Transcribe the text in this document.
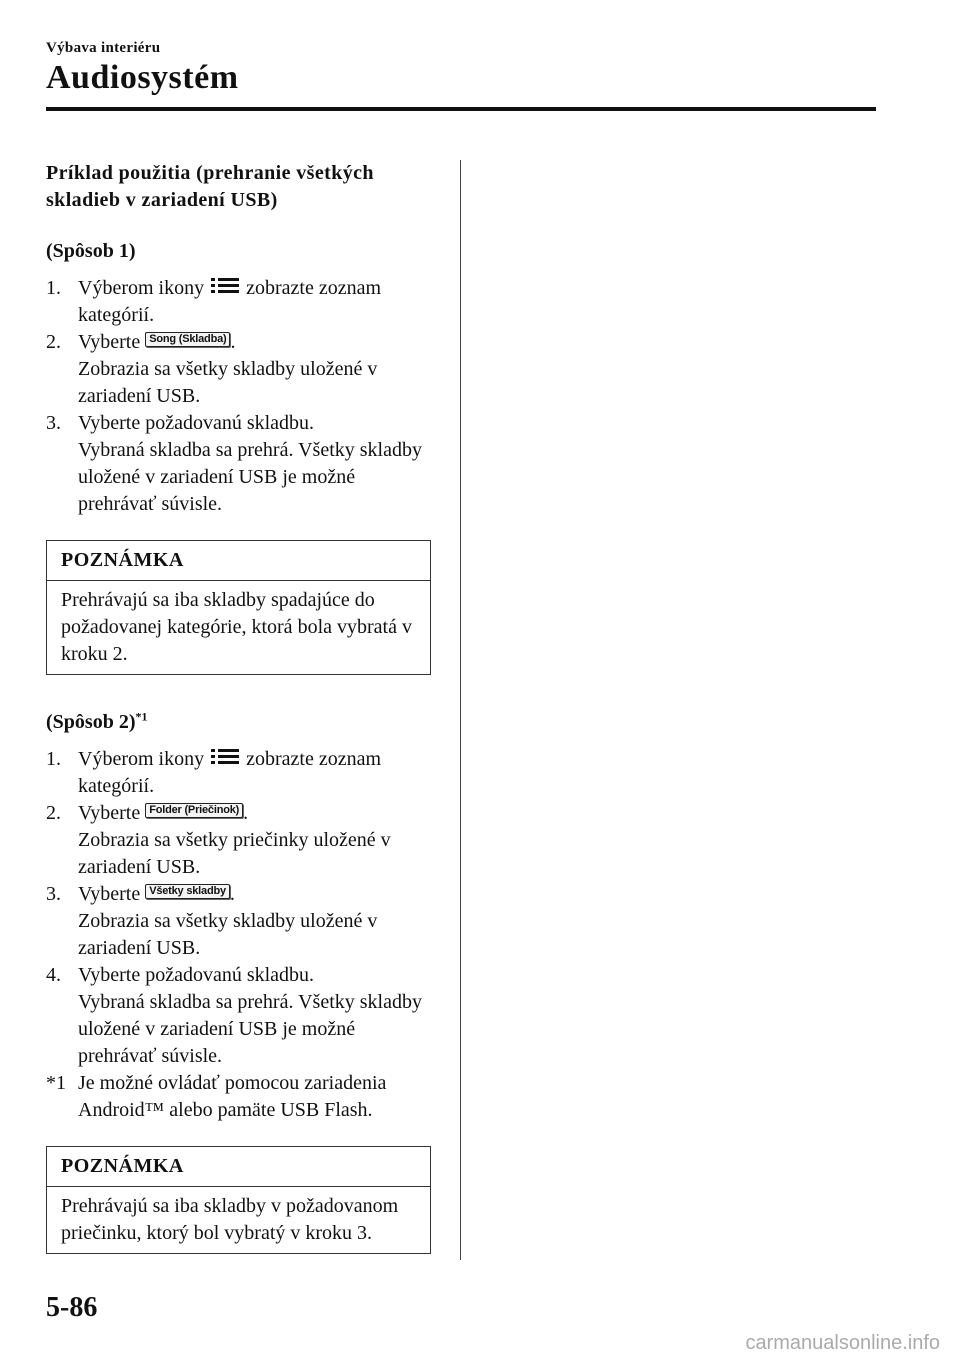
Výbava interiéru
Audiosystém

Príklad použitia (prehranie všetkých skladieb v zariadení USB)

(Spôsob 1)
1. Výberom ikony zobrazte zoznam kategórií.
2. Vyberte Song (Skladba) .
Zobrazia sa všetky skladby uložené v zariadení USB.
3. Vyberte požadovanú skladbu.
Vybraná skladba sa prehrá. Všetky skladby uložené v zariadení USB je možné prehrávať súvisle.
POZNÁMKA
Prehrávajú sa iba skladby spadajúce do požadovanej kategórie, ktorá bola vybratá v kroku 2.
(Spôsob 2)$^{*1}$
1. Výberom ikony zobrazte zoznam kategórií.
2. Vyberte Folder (Priečinok) .
Zobrazia sa všetky priečinky uložené v zariadení USB.
3. Vyberte Všetky skladby .
Zobrazia sa všetky skladby uložené v zariadení USB.
4. Vyberte požadovanú skladbu.
Vybraná skladba sa prehrá. Všetky skladby uložené v zariadení USB je možné prehrávať súvisle.
*1 Je možné ovládať pomocou zariadenia Android™ alebo pamäte USB Flash.
POZNÁMKA
Prehrávajú sa iba skladby v požadovanom priečinku, ktorý bol vybratý v kroku 3.
5-86
carmanualsonline.info
